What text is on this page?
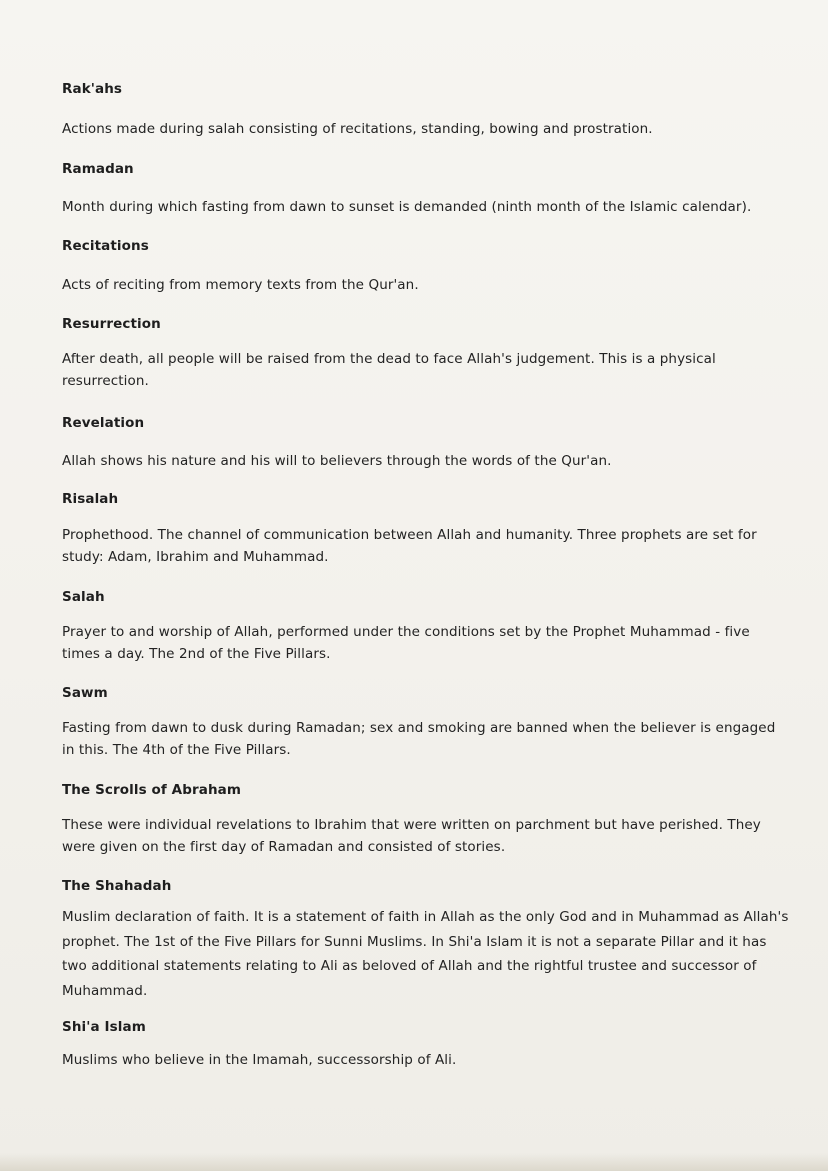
Rak'ahs
Actions made during salah consisting of recitations, standing, bowing and prostration.
Ramadan
Month during which fasting from dawn to sunset is demanded (ninth month of the Islamic calendar).
Recitations
Acts of reciting from memory texts from the Qur'an.
Resurrection
After death, all people will be raised from the dead to face Allah's judgement. This is a physical resurrection.
Revelation
Allah shows his nature and his will to believers through the words of the Qur'an.
Risalah
Prophethood. The channel of communication between Allah and humanity. Three prophets are set for study: Adam, Ibrahim and Muhammad.
Salah
Prayer to and worship of Allah, performed under the conditions set by the Prophet Muhammad - five times a day. The 2nd of the Five Pillars.
Sawm
Fasting from dawn to dusk during Ramadan; sex and smoking are banned when the believer is engaged in this. The 4th of the Five Pillars.
The Scrolls of Abraham
These were individual revelations to Ibrahim that were written on parchment but have perished. They were given on the first day of Ramadan and consisted of stories.
The Shahadah
Muslim declaration of faith. It is a statement of faith in Allah as the only God and in Muhammad as Allah's prophet. The 1st of the Five Pillars for Sunni Muslims. In Shi'a Islam it is not a separate Pillar and it has two additional statements relating to Ali as beloved of Allah and the rightful trustee and successor of Muhammad.
Shi'a Islam
Muslims who believe in the Imamah, successorship of Ali.
